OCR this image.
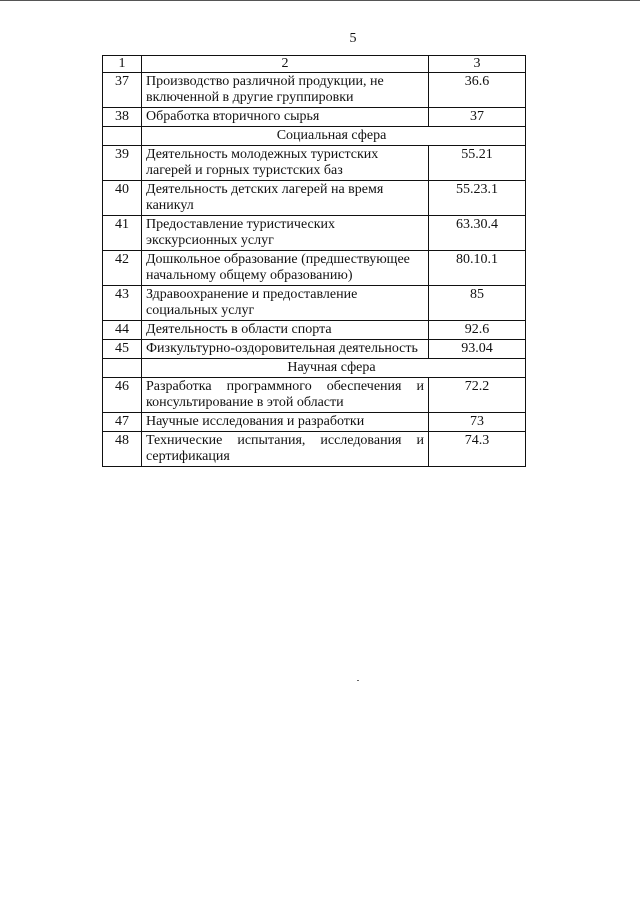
5
1	2	3
37	Производство различной продукции, не включенной в другие группировки	36.6
38	Обработка вторичного сырья	37
	Социальная сфера	
39	Деятельность молодежных туристских лагерей и горных туристских баз	55.21
40	Деятельность детских лагерей на время каникул	55.23.1
41	Предоставление туристических экскурсионных услуг	63.30.4
42	Дошкольное образование (предшествующее начальному общему образованию)	80.10.1
43	Здравоохранение и предоставление социальных услуг	85
44	Деятельность в области спорта	92.6
45	Физкультурно-оздоровительная деятельность	93.04
	Научная сфера	
46	Разработка программного обеспечения и консультирование в этой области	72.2
47	Научные исследования и разработки	73
48	Технические испытания, исследования и сертификация	74.3
